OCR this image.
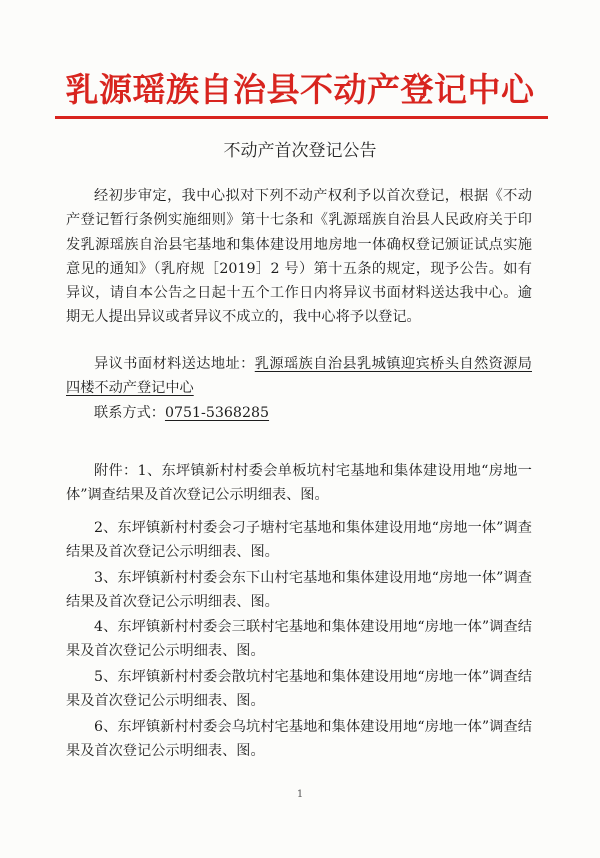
乳源瑶族自治县不动产登记中心
不动产首次登记公告
经初步审定，我中心拟对下列不动产权利予以首次登记，根据《不动产登记暂行条例实施细则》第十七条和《乳源瑶族自治县人民政府关于印发乳源瑶族自治县宅基地和集体建设用地房地一体确权登记颁证试点实施意见的通知》（乳府规［2019］2 号）第十五条的规定，现予公告。如有异议，请自本公告之日起十五个工作日内将异议书面材料送达我中心。逾期无人提出异议或者异议不成立的，我中心将予以登记。
异议书面材料送达地址：乳源瑶族自治县乳城镇迎宾桥头自然资源局四楼不动产登记中心
联系方式：0751-5368285
附件：1、东坪镇新村村委会单板坑村宅基地和集体建设用地“房地一体”调查结果及首次登记公示明细表、图。
2、东坪镇新村村委会刁子塘村宅基地和集体建设用地“房地一体”调查结果及首次登记公示明细表、图。
3、东坪镇新村村委会东下山村宅基地和集体建设用地“房地一体”调查结果及首次登记公示明细表、图。
4、东坪镇新村村委会三联村宅基地和集体建设用地“房地一体”调查结果及首次登记公示明细表、图。
5、东坪镇新村村委会散坑村宅基地和集体建设用地“房地一体”调查结果及首次登记公示明细表、图。
6、东坪镇新村村委会乌坑村宅基地和集体建设用地“房地一体”调查结果及首次登记公示明细表、图。
1
